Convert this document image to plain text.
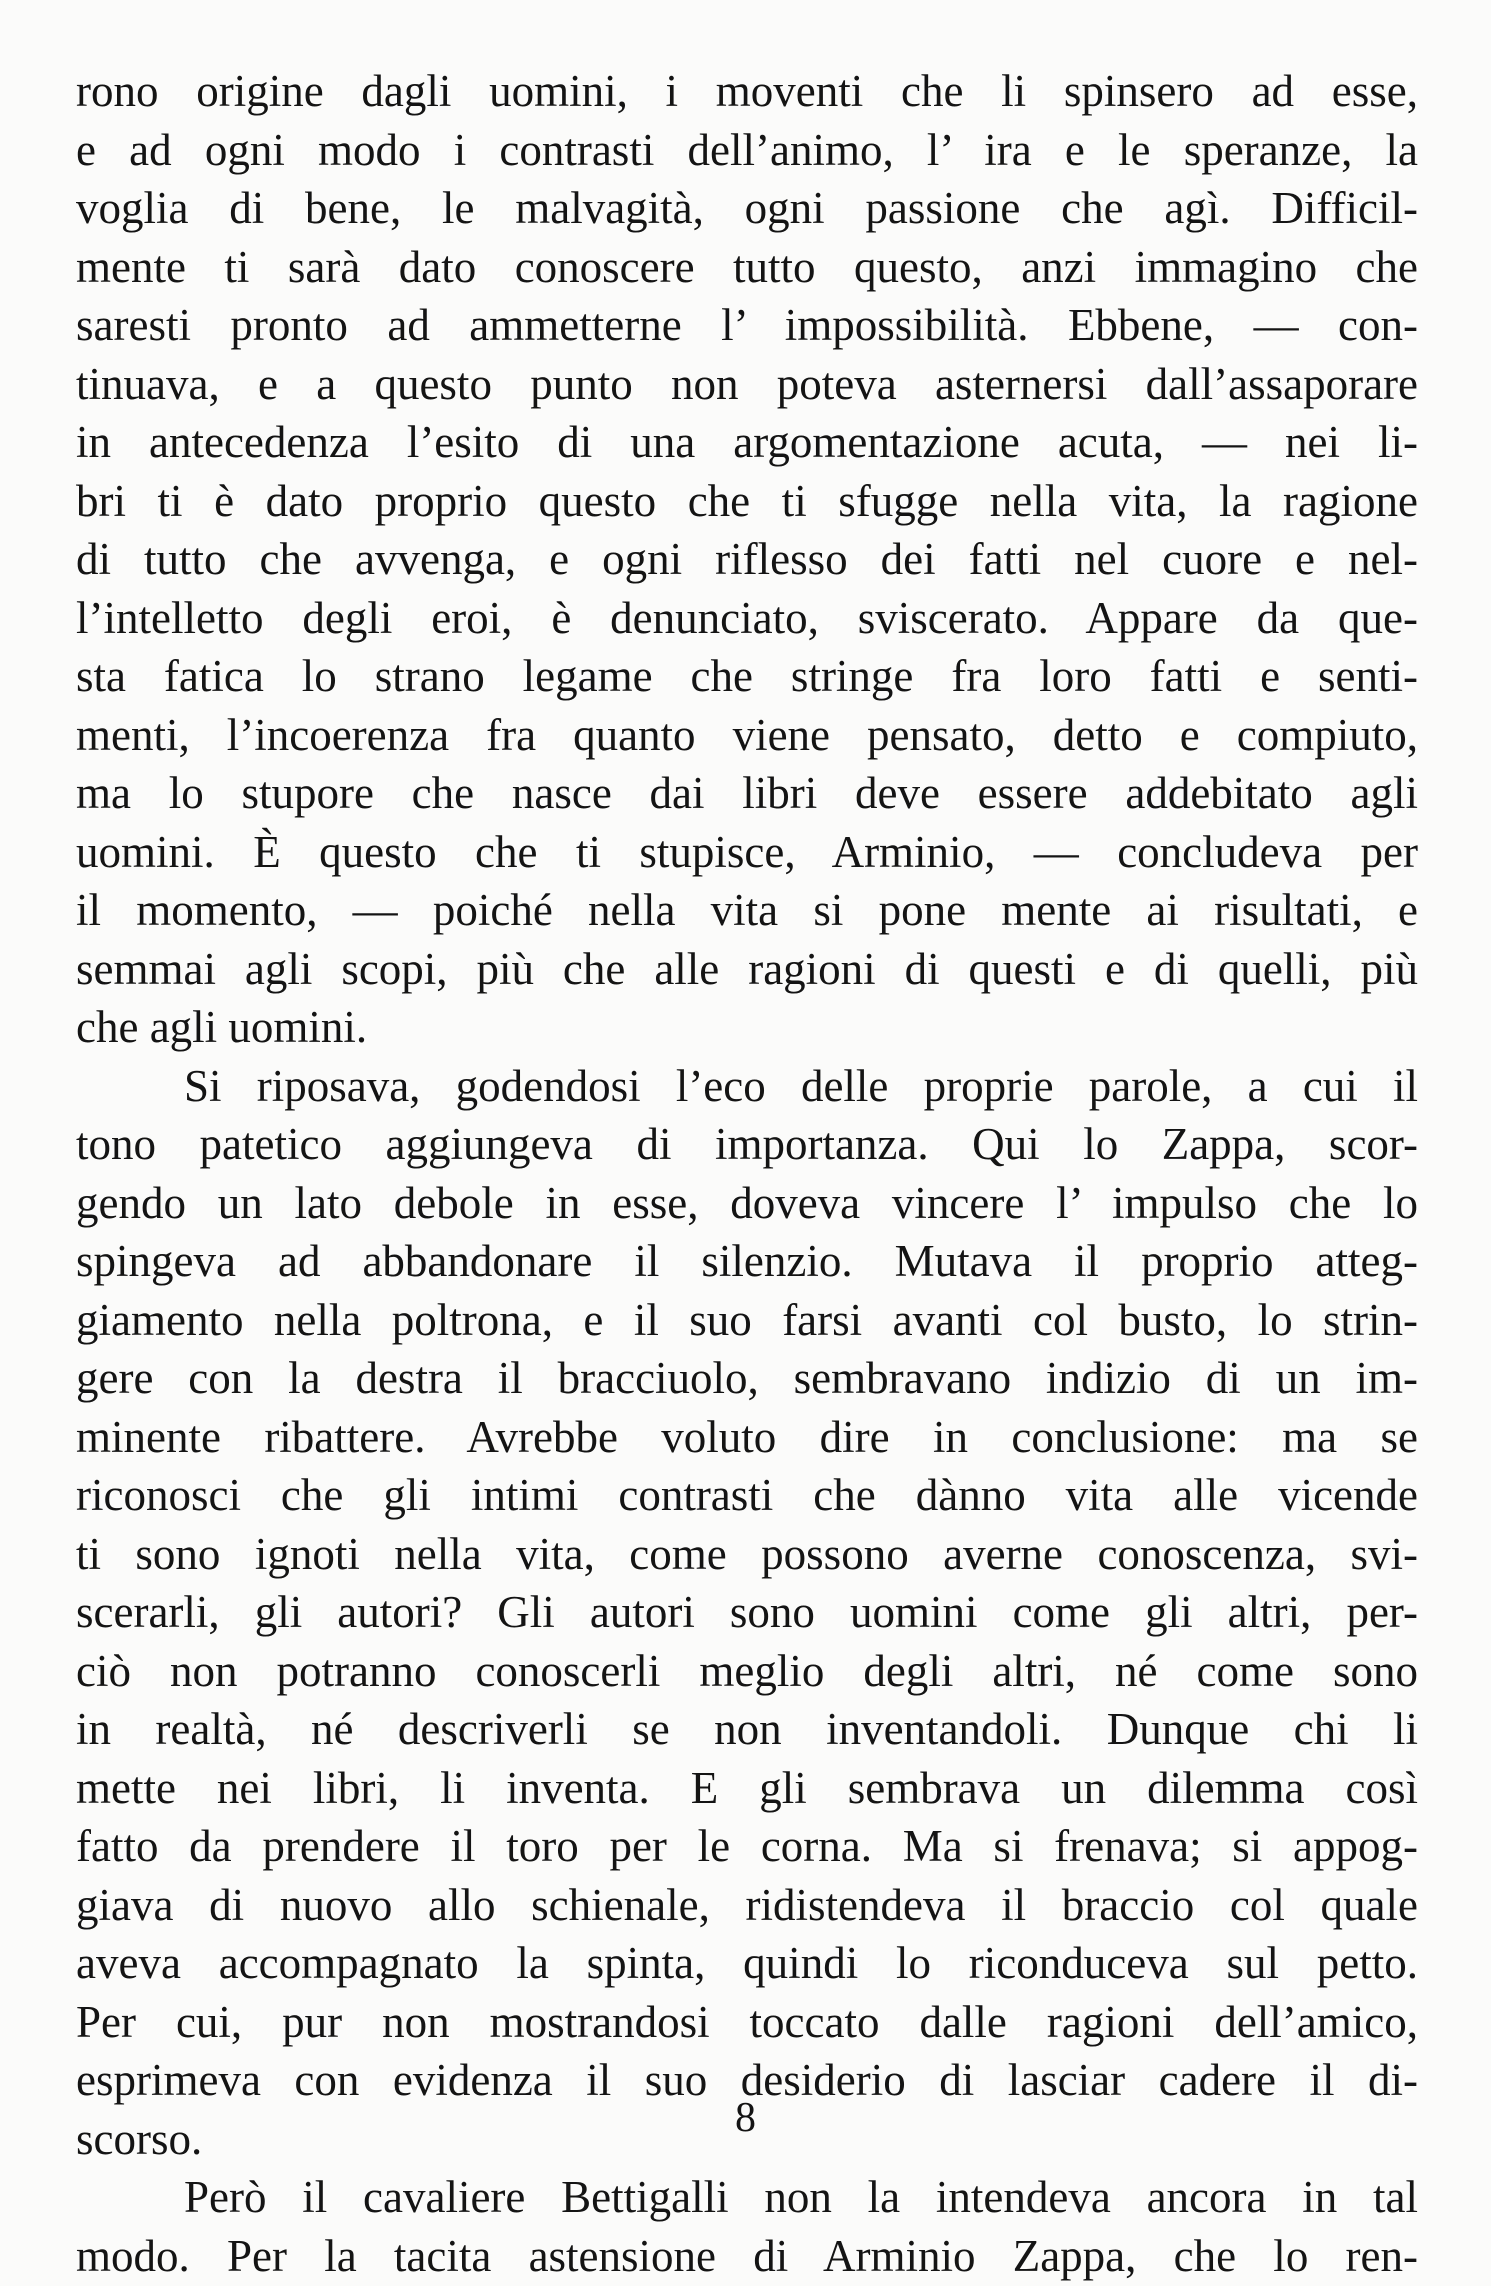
rono origine dagli uomini, i moventi che li spinsero ad esse,
e ad ogni modo i contrasti dell’animo, l’ ira e le speranze, la
voglia di bene, le malvagità, ogni passione che agì. Difficil-
mente ti sarà dato conoscere tutto questo, anzi immagino che
saresti pronto ad ammetterne l’ impossibilità. Ebbene, — con-
tinuava, e a questo punto non poteva asternersi dall’assaporare
in antecedenza l’esito di una argomentazione acuta, — nei li-
bri ti è dato proprio questo che ti sfugge nella vita, la ragione
di tutto che avvenga, e ogni riflesso dei fatti nel cuore e nel-
l’intelletto degli eroi, è denunciato, sviscerato. Appare da que-
sta fatica lo strano legame che stringe fra loro fatti e senti-
menti, l’incoerenza fra quanto viene pensato, detto e compiuto,
ma lo stupore che nasce dai libri deve essere addebitato agli
uomini. È questo che ti stupisce, Arminio, — concludeva per
il momento, — poiché nella vita si pone mente ai risultati, e
semmai agli scopi, più che alle ragioni di questi e di quelli, più
che agli uomini.
Si riposava, godendosi l’eco delle proprie parole, a cui il
tono patetico aggiungeva di importanza. Qui lo Zappa, scor-
gendo un lato debole in esse, doveva vincere l’ impulso che lo
spingeva ad abbandonare il silenzio. Mutava il proprio atteg-
giamento nella poltrona, e il suo farsi avanti col busto, lo strin-
gere con la destra il bracciuolo, sembravano indizio di un im-
minente ribattere. Avrebbe voluto dire in conclusione: ma se
riconosci che gli intimi contrasti che dànno vita alle vicende
ti sono ignoti nella vita, come possono averne conoscenza, svi-
scerarli, gli autori? Gli autori sono uomini come gli altri, per-
ciò non potranno conoscerli meglio degli altri, né come sono
in realtà, né descriverli se non inventandoli. Dunque chi li
mette nei libri, li inventa. E gli sembrava un dilemma così
fatto da prendere il toro per le corna. Ma si frenava; si appog-
giava di nuovo allo schienale, ridistendeva il braccio col quale
aveva accompagnato la spinta, quindi lo riconduceva sul petto.
Per cui, pur non mostrandosi toccato dalle ragioni dell’amico,
esprimeva con evidenza il suo desiderio di lasciar cadere il di-
scorso.
Però il cavaliere Bettigalli non la intendeva ancora in tal
modo. Per la tacita astensione di Arminio Zappa, che lo ren-
8
